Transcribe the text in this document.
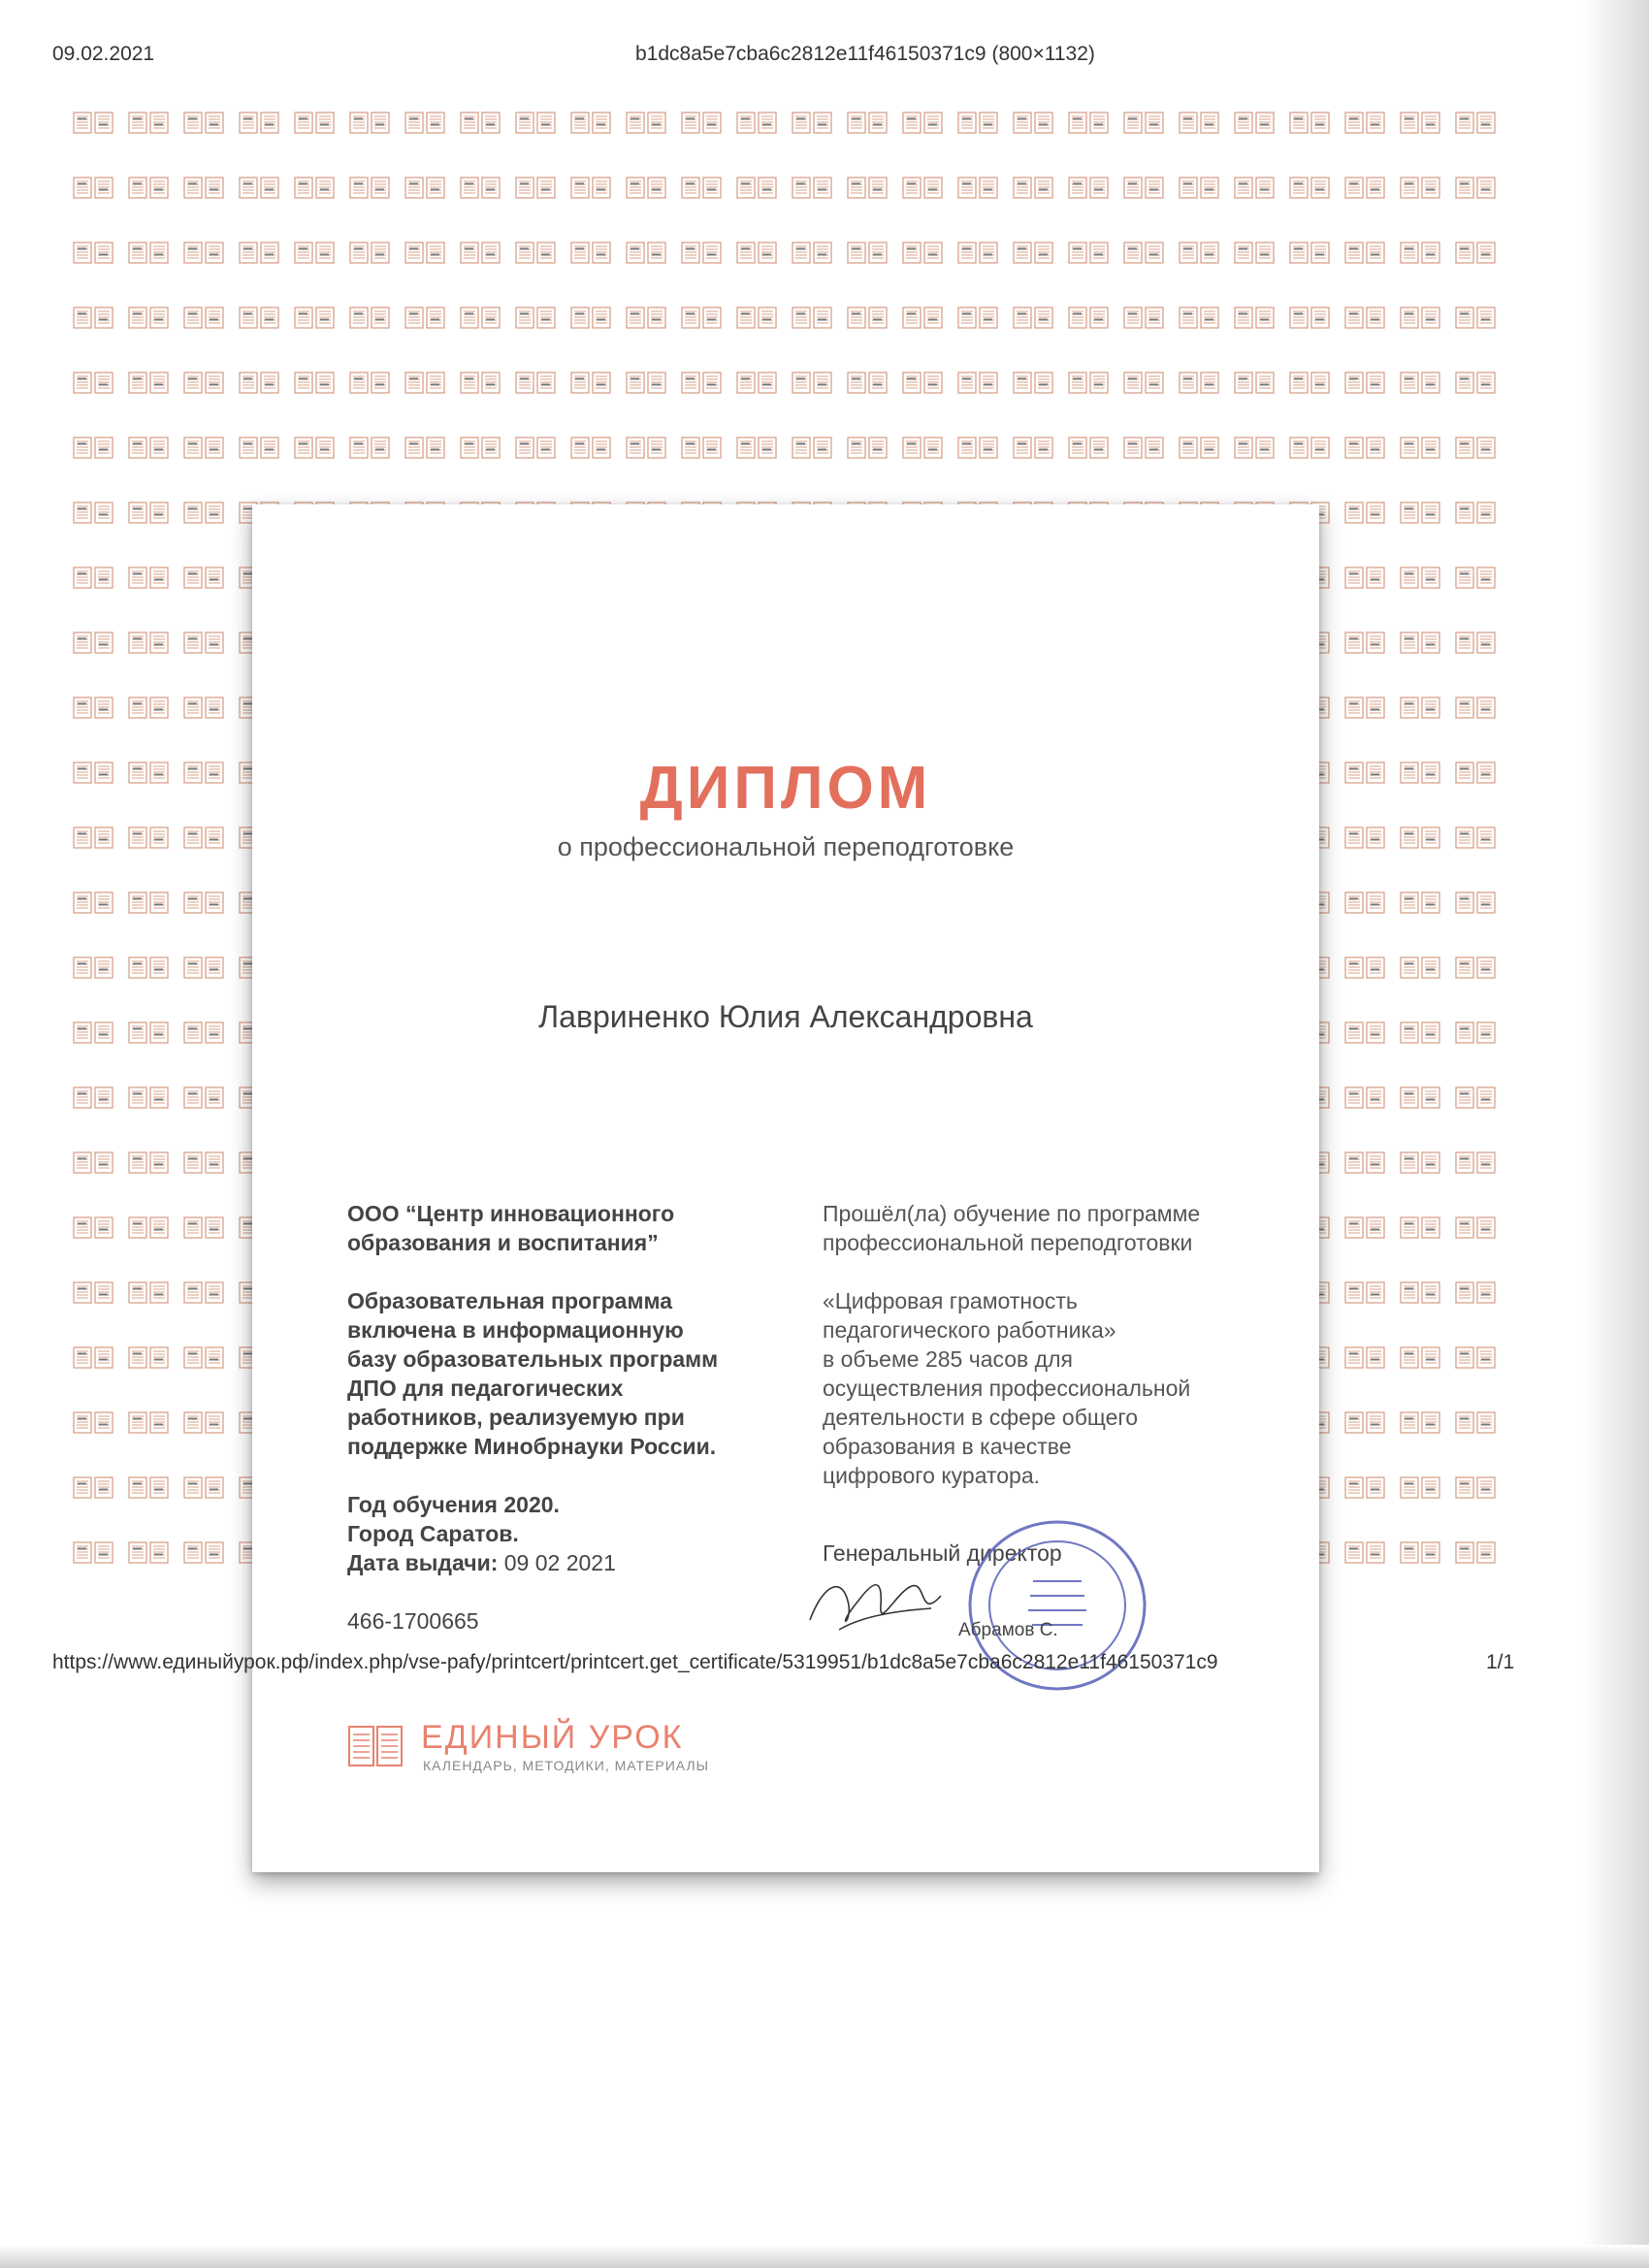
09.02.2021	b1dc8a5e7cba6c2812e11f46150371c9 (800×1132)
ДИПЛОМ
о профессиональной переподготовке
Лавриненко Юлия Александровна

ООО “Центр инновационного
образования и воспитания”

Образовательная программа
включена в информационную
базу образовательных программ
ДПО для педагогических
работников, реализуемую при
поддержке Минобрнауки России.

Год обучения 2020.
Город Саратов.
Дата выдачи: 09 02 2021

466-1700665

Прошёл(ла) обучение по программе
профессиональной переподготовки

«Цифровая грамотность
педагогического работника»
в объеме 285 часов для
осуществления профессиональной
деятельности в сфере общего
образования в качестве
цифрового куратора.

Генеральный директор
Абрамов С.
ЕДИНЫЙ УРОК
КАЛЕНДАРЬ, МЕТОДИКИ, МАТЕРИАЛЫ
https://www.единыйурок.рф/index.php/vse-pafy/printcert/printcert.get_certificate/5319951/b1dc8a5e7cba6c2812e11f46150371c9	1/1
